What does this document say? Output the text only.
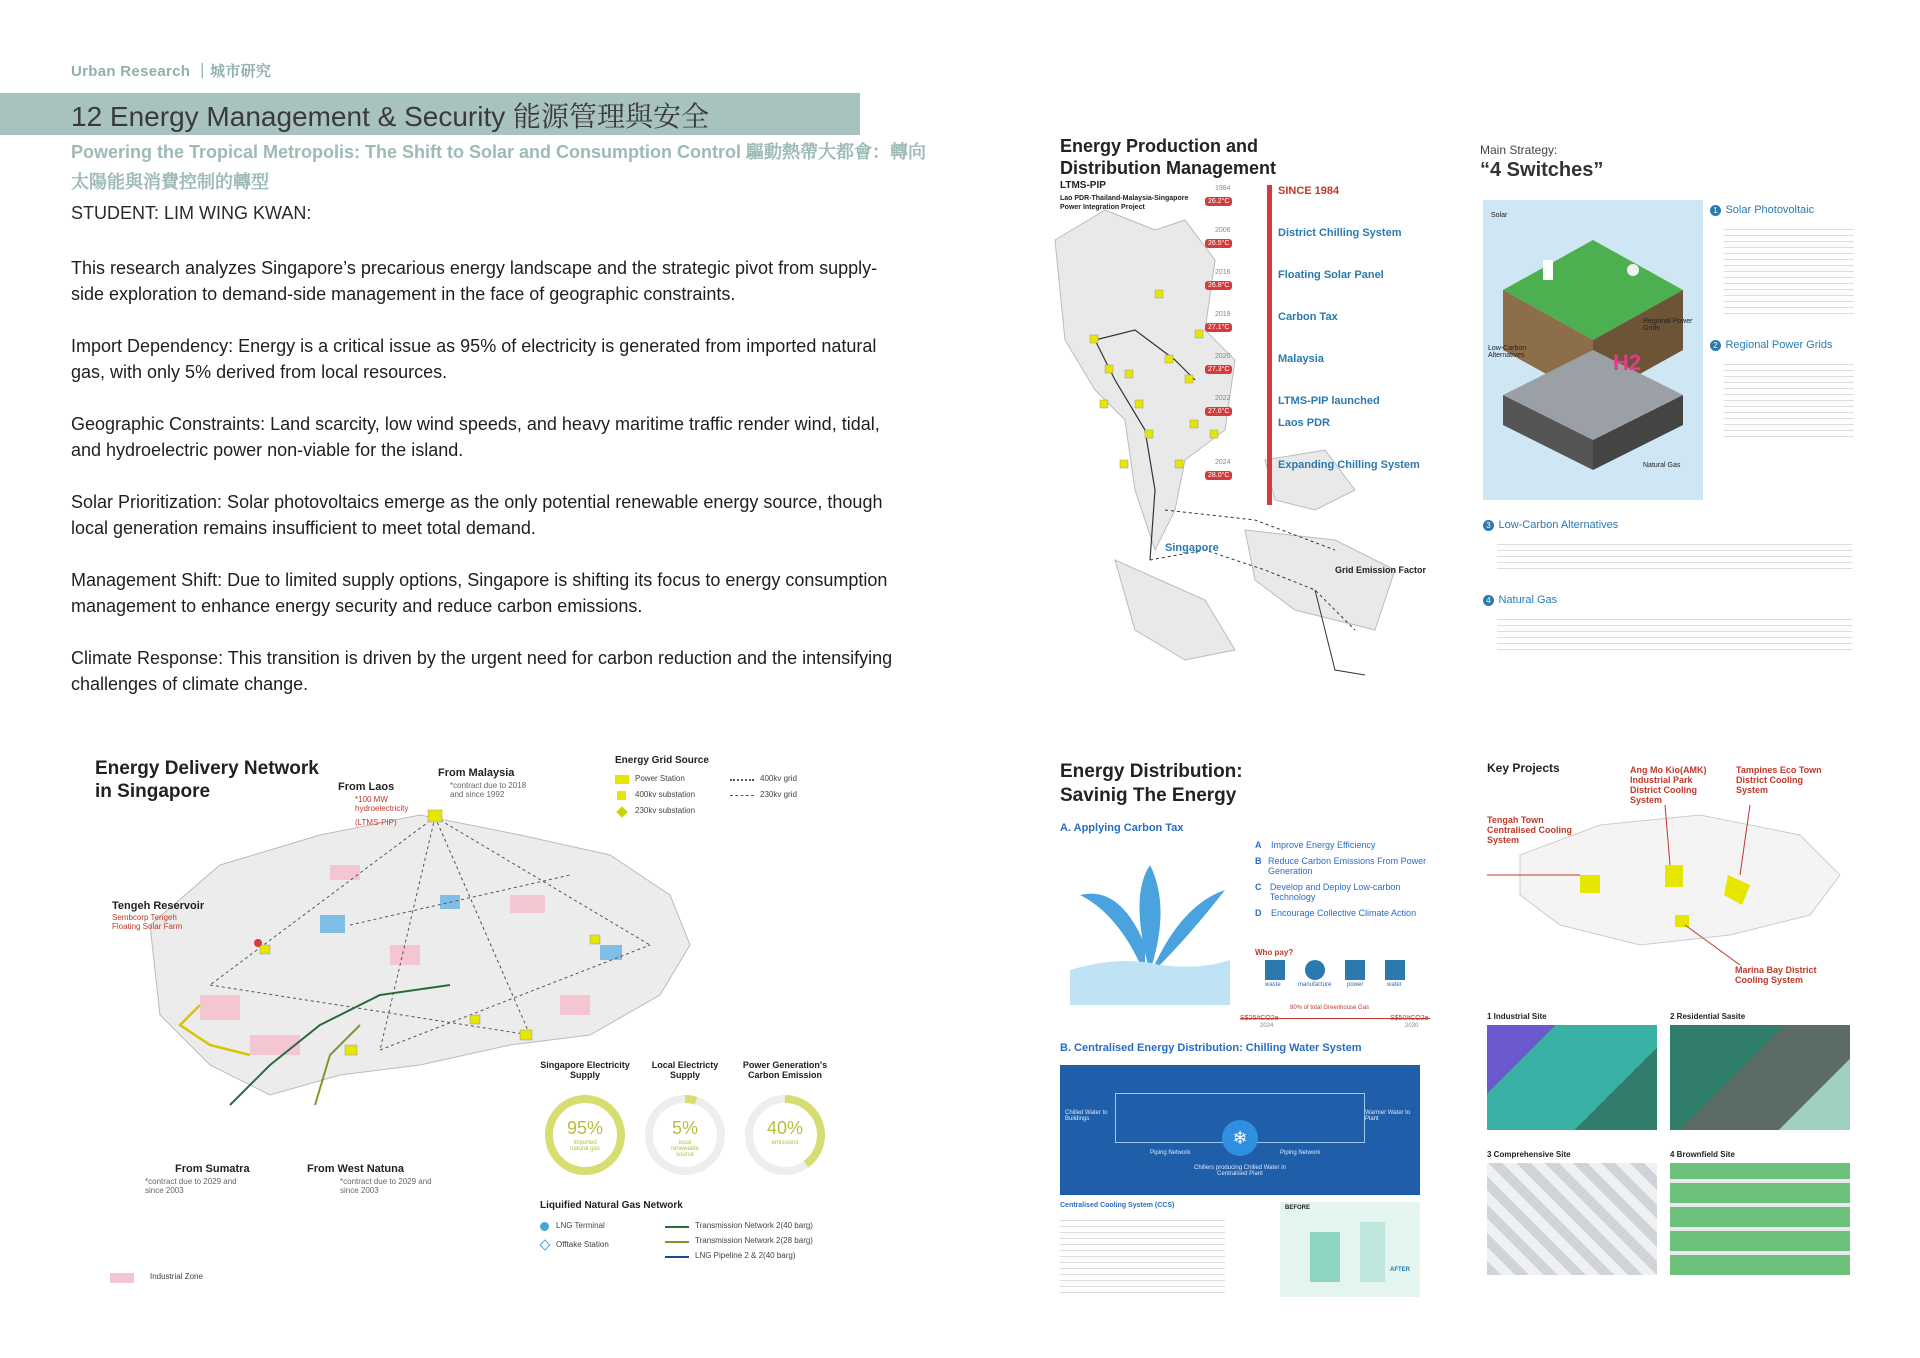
Urban Research ｜城市研究
12 Energy Management & Security 能源管理與安全
Powering the Tropical Metropolis: The Shift to Solar and Consumption Control 驅動熱帶大都會：轉向太陽能與消費控制的轉型
STUDENT: LIM WING KWAN:

This research analyzes Singapore’s precarious energy landscape and the strategic pivot from supply-side exploration to demand-side management in the face of geographic constraints.

Import Dependency: Energy is a critical issue as 95% of electricity is generated from imported natural gas, with only 5% derived from local resources.

Geographic Constraints: Land scarcity, low wind speeds, and heavy maritime traffic render wind, tidal, and hydroelectric power non-viable for the island.

Solar Prioritization: Solar photovoltaics emerge as the only potential renewable energy source, though local generation remains insufficient to meet total demand.

Management Shift: Due to limited supply options, Singapore is shifting its focus to energy consumption management to enhance energy security and reduce carbon emissions.

Climate Response: This transition is driven by the urgent need for carbon reduction and the intensifying challenges of climate change.

Energy Production and Distribution Management
LTMS-PIP
Lao PDR-Thailand-Malaysia-Singapore Power Integration Project
Singapore
Grid Emission Factor
1984
26.2°C
SINCE 1984
2006
26.5°C
District Chilling System
2016
26.8°C
Floating Solar Panel
2019
27.1°C
Carbon Tax
2020
27.3°C
Malaysia
2022
27.6°C
LTMS-PIP launched
Laos PDR
2024
28.0°C
Expanding Chilling System
Main Strategy:
“4 Switches”
Solar
Regional Power Grids
Low-Carbon Alternatives
Natural Gas
H2
1 Solar Photovoltaic
2 Regional Power Grids
3 Low-Carbon Alternatives
4 Natural Gas
Energy Delivery Network
in Singapore	From Laos
*100 MW hydroelectricity
(LTMS-PIP)
From Malaysia
*contract due to 2018 and since 1992
Tengeh Reservoir
Sembcorp Tengeh Floating Solar Farm
From Sumatra
*contract due to 2029 and since 2003
From West Natuna
*contract due to 2029 and since 2003
Energy Grid Source
Power Station	400kv grid
400kv substation	230kv grid
230kv substation
Singapore Electricity Supply
Local Electricty Supply
Power Generation's Carbon Emission
95%	5%	40%
imported natural gas
local renewable source
emissions
Liquified Natural Gas Network
LNG Terminal
Offtake Station
Transmission Network 2(40 barg)
Transmission Network 2(28 barg)
LNG Pipeline 2 & 2(40 barg)
Industrial Zone
Energy Distribution:
Savinig The Energy
A. Applying Carbon Tax
A	Improve Energy Efficiency
B Reduce Carbon Emissions From Power Generation
C Develop and Deploy Low-carbon Technology
D	Encourage Collective Climate Action
Who pay?
waste	manufacture	power	water
80% of total Greenhouse Gas
S$25/tCO2e	S$50/tCO2e
2024	2030
B. Centralised Energy Distribution: Chilling Water System
❄
Chilled Water to Buildings
Warmer Water to Plant
Piping Network	Piping Network
Chillers producing Chilled Water in Centralised Plant
Centralised Cooling System (CCS)	BEFORE
AFTER
Key Projects
Tengah Town Centralised Cooling System
Ang Mo Kio(AMK) Industrial Park District Cooling System
Marina Bay District Cooling System
Tampines Eco Town District Cooling System
1 Industrial Site	2 Residential Sasite
3 Comprehensive Site	4 Brownfield Site
